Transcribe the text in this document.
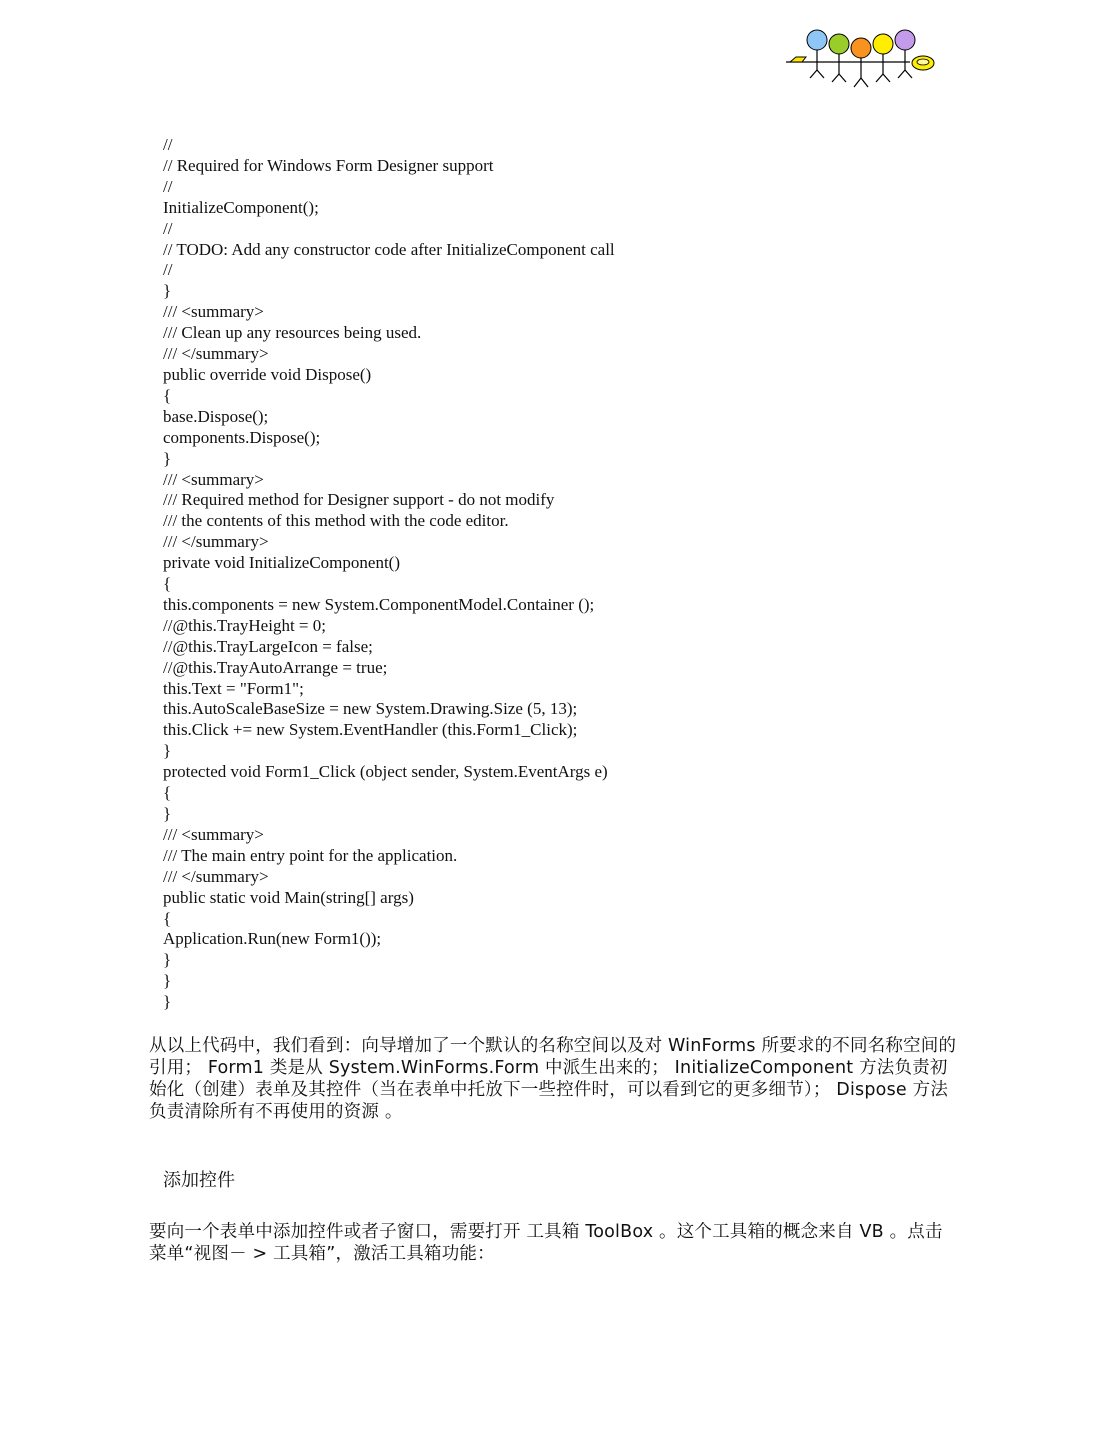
//
// Required for Windows Form Designer support
//
InitializeComponent();
//
// TODO: Add any constructor code after InitializeComponent call
//
}
/// <summary>
/// Clean up any resources being used.
/// </summary>
public override void Dispose()
{
base.Dispose();
components.Dispose();
}
/// <summary>
/// Required method for Designer support - do not modify
/// the contents of this method with the code editor.
/// </summary>
private void InitializeComponent()
{
this.components = new System.ComponentModel.Container ();
//@this.TrayHeight = 0;
//@this.TrayLargeIcon = false;
//@this.TrayAutoArrange = true;
this.Text = "Form1";
this.AutoScaleBaseSize = new System.Drawing.Size (5, 13);
this.Click += new System.EventHandler (this.Form1_Click);
}
protected void Form1_Click (object sender, System.EventArgs e)
{
}
/// <summary>
/// The main entry point for the application.
/// </summary>
public static void Main(string[] args)
{
Application.Run(new Form1());
}
}
}

从以上代码中，我们看到：向导增加了一个默认的名称空间以及对 WinForms 所要求的不同名称空间的引用； Form1 类是从 System.WinForms.Form 中派生出来的； InitializeComponent 方法负责初始化（创建）表单及其控件（当在表单中托放下一些控件时，可以看到它的更多细节）； Dispose 方法负责清除所有不再使用的资源 。

添加控件

要向一个表单中添加控件或者子窗口，需要打开 工具箱 ToolBox 。这个工具箱的概念来自 VB 。点击菜单“视图－ > 工具箱”，激活工具箱功能：
